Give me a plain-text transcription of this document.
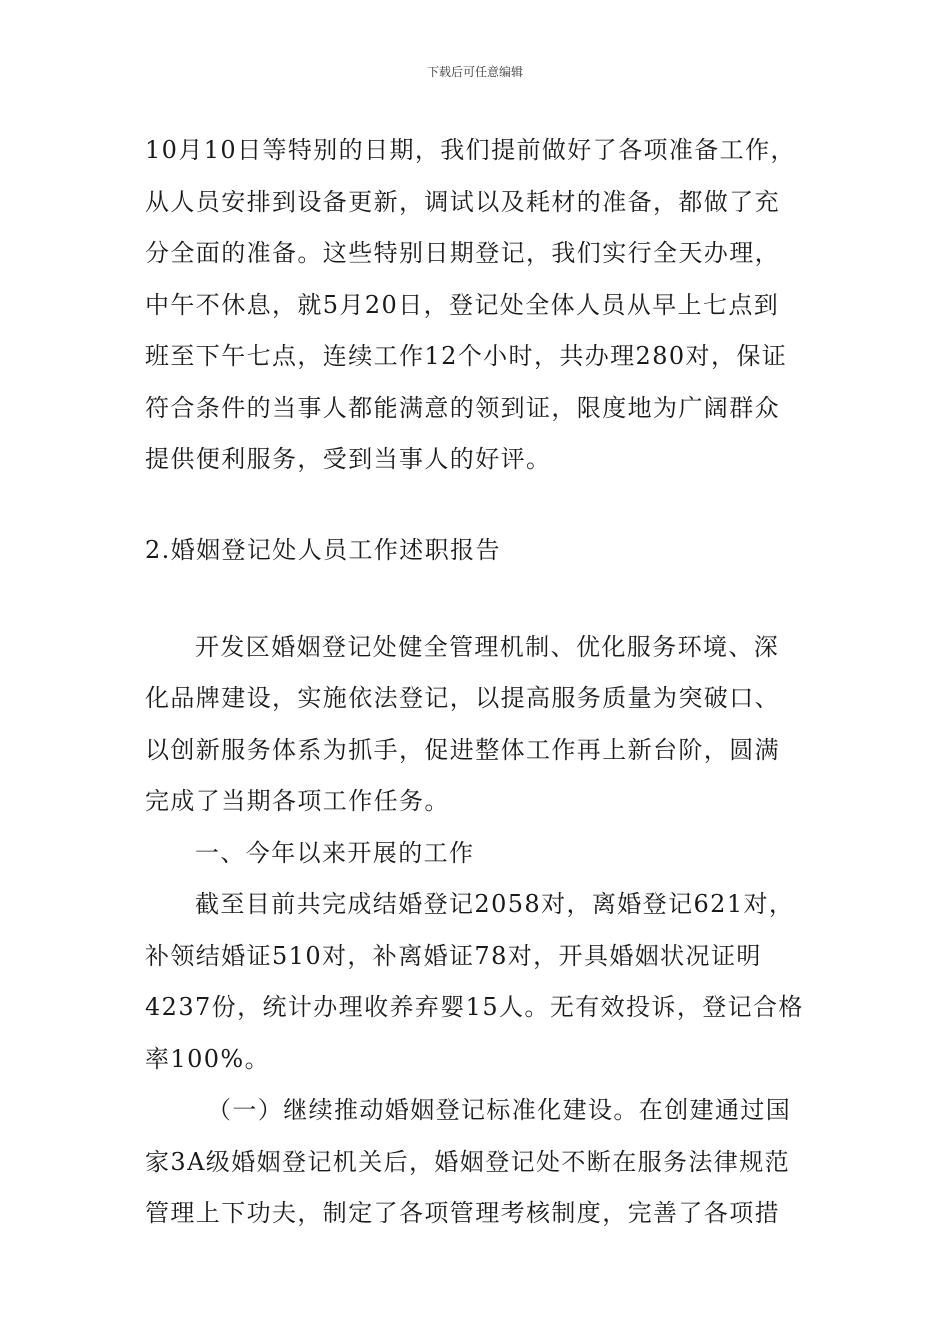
下载后可任意编辑
10月10日等特别的日期，我们提前做好了各项准备工作，
从人员安排到设备更新，调试以及耗材的准备，都做了充
分全面的准备。这些特别日期登记，我们实行全天办理，
中午不休息，就5月20日，登记处全体人员从早上七点到
班至下午七点，连续工作12个小时，共办理280对，保证
符合条件的当事人都能满意的领到证，限度地为广阔群众
提供便利服务，受到当事人的好评。
2.婚姻登记处人员工作述职报告
开发区婚姻登记处健全管理机制、优化服务环境、深
化品牌建设，实施依法登记，以提高服务质量为突破口、
以创新服务体系为抓手，促进整体工作再上新台阶，圆满
完成了当期各项工作任务。
一、今年以来开展的工作
截至目前共完成结婚登记2058对，离婚登记621对，
补领结婚证510对，补离婚证78对，开具婚姻状况证明
4237份，统计办理收养弃婴15人。无有效投诉，登记合格
率100%。
（一）继续推动婚姻登记标准化建设。在创建通过国
家3A级婚姻登记机关后，婚姻登记处不断在服务法律规范
管理上下功夫，制定了各项管理考核制度，完善了各项措
